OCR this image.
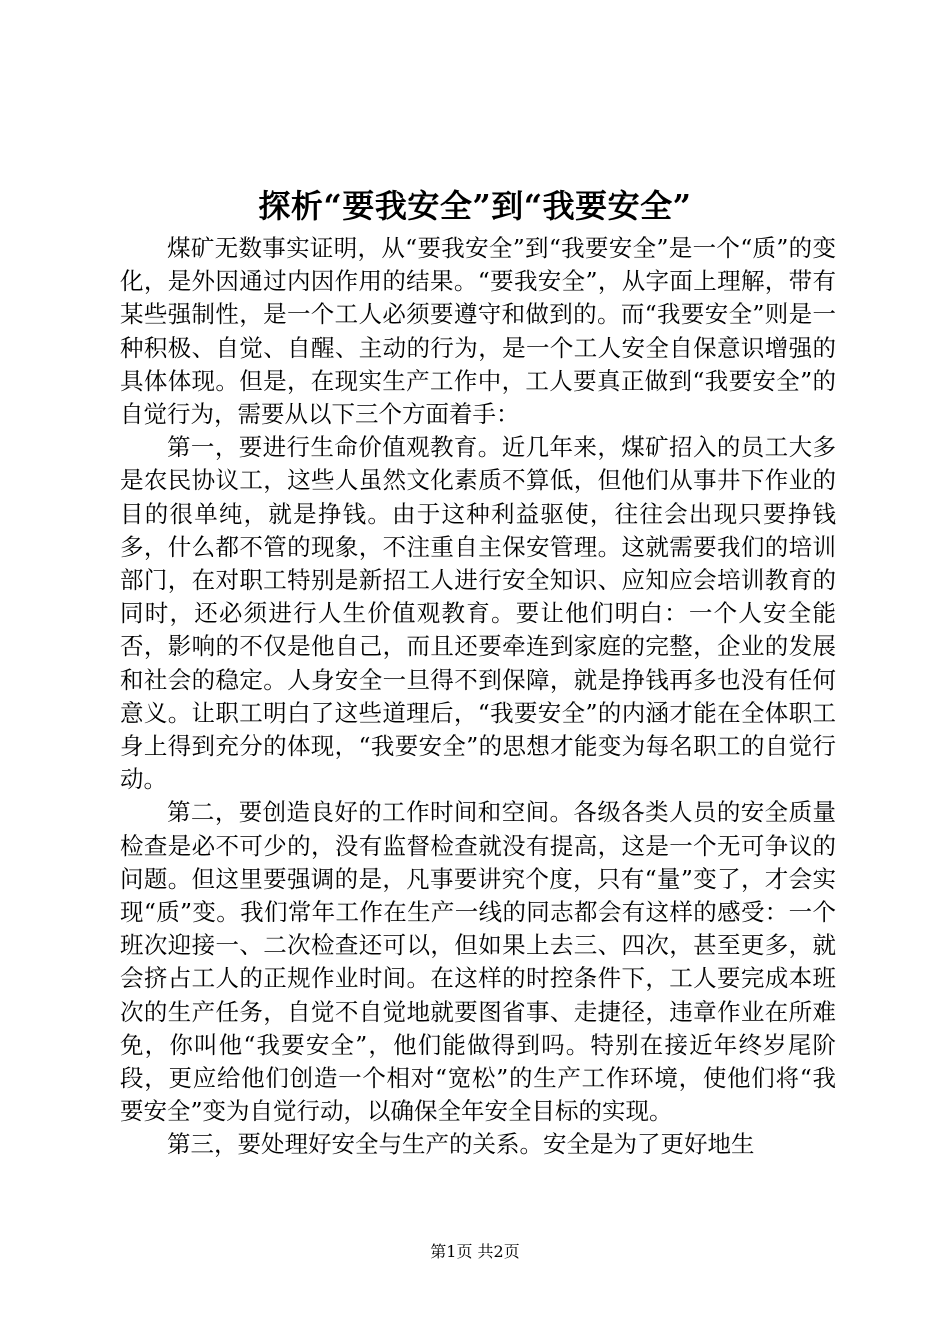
探析“要我安全”到“我要安全”

煤矿无数事实证明，从“要我安全”到“我要安全”是一个“质”的变化，是外因通过内因作用的结果。“要我安全”，从字面上理解，带有某些强制性，是一个工人必须要遵守和做到的。而“我要安全”则是一种积极、自觉、自醒、主动的行为，是一个工人安全自保意识增强的具体体现。但是，在现实生产工作中，工人要真正做到“我要安全”的自觉行为，需要从以下三个方面着手：

第一，要进行生命价值观教育。近几年来，煤矿招入的员工大多是农民协议工，这些人虽然文化素质不算低，但他们从事井下作业的目的很单纯，就是挣钱。由于这种利益驱使，往往会出现只要挣钱多，什么都不管的现象，不注重自主保安管理。这就需要我们的培训部门，在对职工特别是新招工人进行安全知识、应知应会培训教育的同时，还必须进行人生价值观教育。要让他们明白：一个人安全能否，影响的不仅是他自己，而且还要牵连到家庭的完整，企业的发展和社会的稳定。人身安全一旦得不到保障，就是挣钱再多也没有任何意义。让职工明白了这些道理后，“我要安全”的内涵才能在全体职工身上得到充分的体现，“我要安全”的思想才能变为每名职工的自觉行动。

第二，要创造良好的工作时间和空间。各级各类人员的安全质量检查是必不可少的，没有监督检查就没有提高，这是一个无可争议的问题。但这里要强调的是，凡事要讲究个度，只有“量”变了，才会实现“质”变。我们常年工作在生产一线的同志都会有这样的感受：一个班次迎接一、二次检查还可以，但如果上去三、四次，甚至更多，就会挤占工人的正规作业时间。在这样的时控条件下，工人要完成本班次的生产任务，自觉不自觉地就要图省事、走捷径，违章作业在所难免，你叫他“我要安全”，他们能做得到吗。特别在接近年终岁尾阶段，更应给他们创造一个相对“宽松”的生产工作环境，使他们将“我要安全”变为自觉行动，以确保全年安全目标的实现。

第三，要处理好安全与生产的关系。安全是为了更好地生

第1页 共2页
